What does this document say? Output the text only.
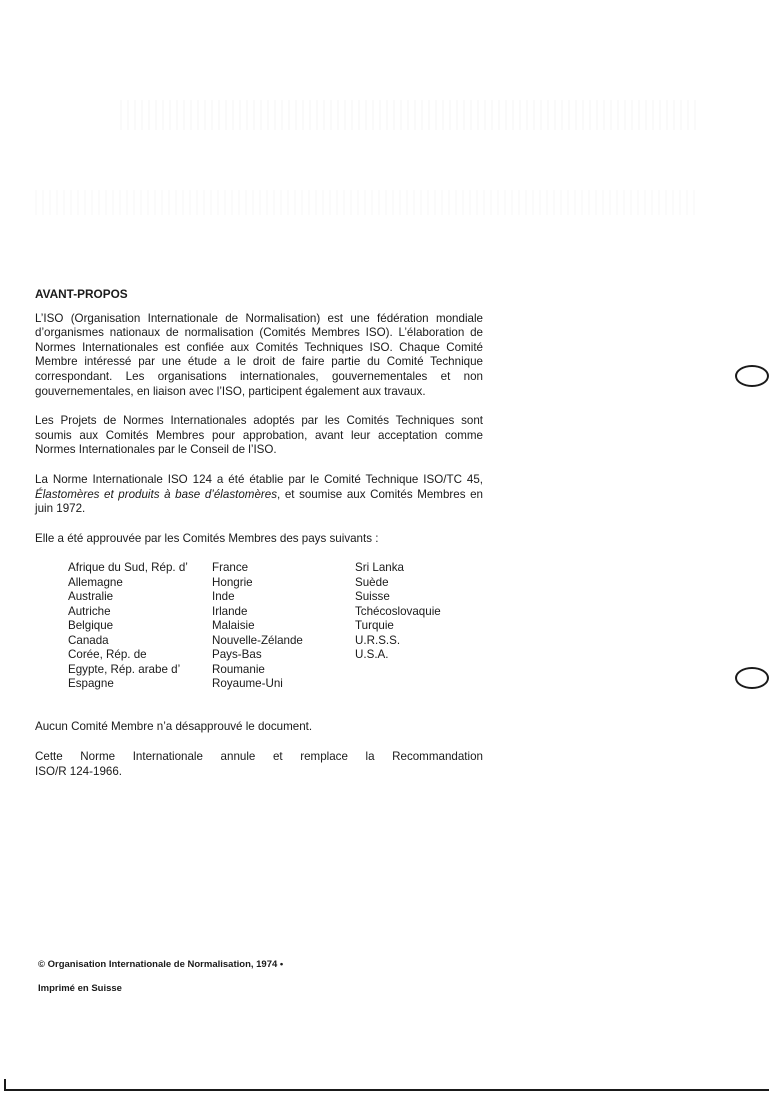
AVANT-PROPOS
L’ISO (Organisation Internationale de Normalisation) est une fédération mondiale
d’organismes nationaux de normalisation (Comités Membres ISO). L’élaboration de
Normes Internationales est confiée aux Comités Techniques ISO. Chaque Comité
Membre intéressé par une étude a le droit de faire partie du Comité Technique
correspondant. Les organisations internationales, gouvernementales et non
gouvernementales, en liaison avec l’ISO, participent également aux travaux.
Les Projets de Normes Internationales adoptés par les Comités Techniques sont
soumis aux Comités Membres pour approbation, avant leur acceptation comme
Normes Internationales par le Conseil de l’ISO.
La Norme Internationale ISO 124 a été établie par le Comité Technique ISO/TC 45,
Élastomères et produits à base d’élastomères, et soumise aux Comités Membres en
juin 1972.
Elle a été approuvée par les Comités Membres des pays suivants :
Afrique du Sud, Rép. d’
Allemagne
Australie
Autriche
Belgique
Canada
Corée, Rép. de
Egypte, Rép. arabe d’
Espagne
France
Hongrie
Inde
Irlande
Malaisie
Nouvelle-Zélande
Pays-Bas
Roumanie
Royaume-Uni
Sri Lanka
Suède
Suisse
Tchécoslovaquie
Turquie
U.R.S.S.
U.S.A.
Aucun Comité Membre n’a désapprouvé le document.
Cette Norme Internationale annule et remplace la Recommandation
ISO/R 124-1966.
© Organisation Internationale de Normalisation, 1974 •
Imprimé en Suisse
